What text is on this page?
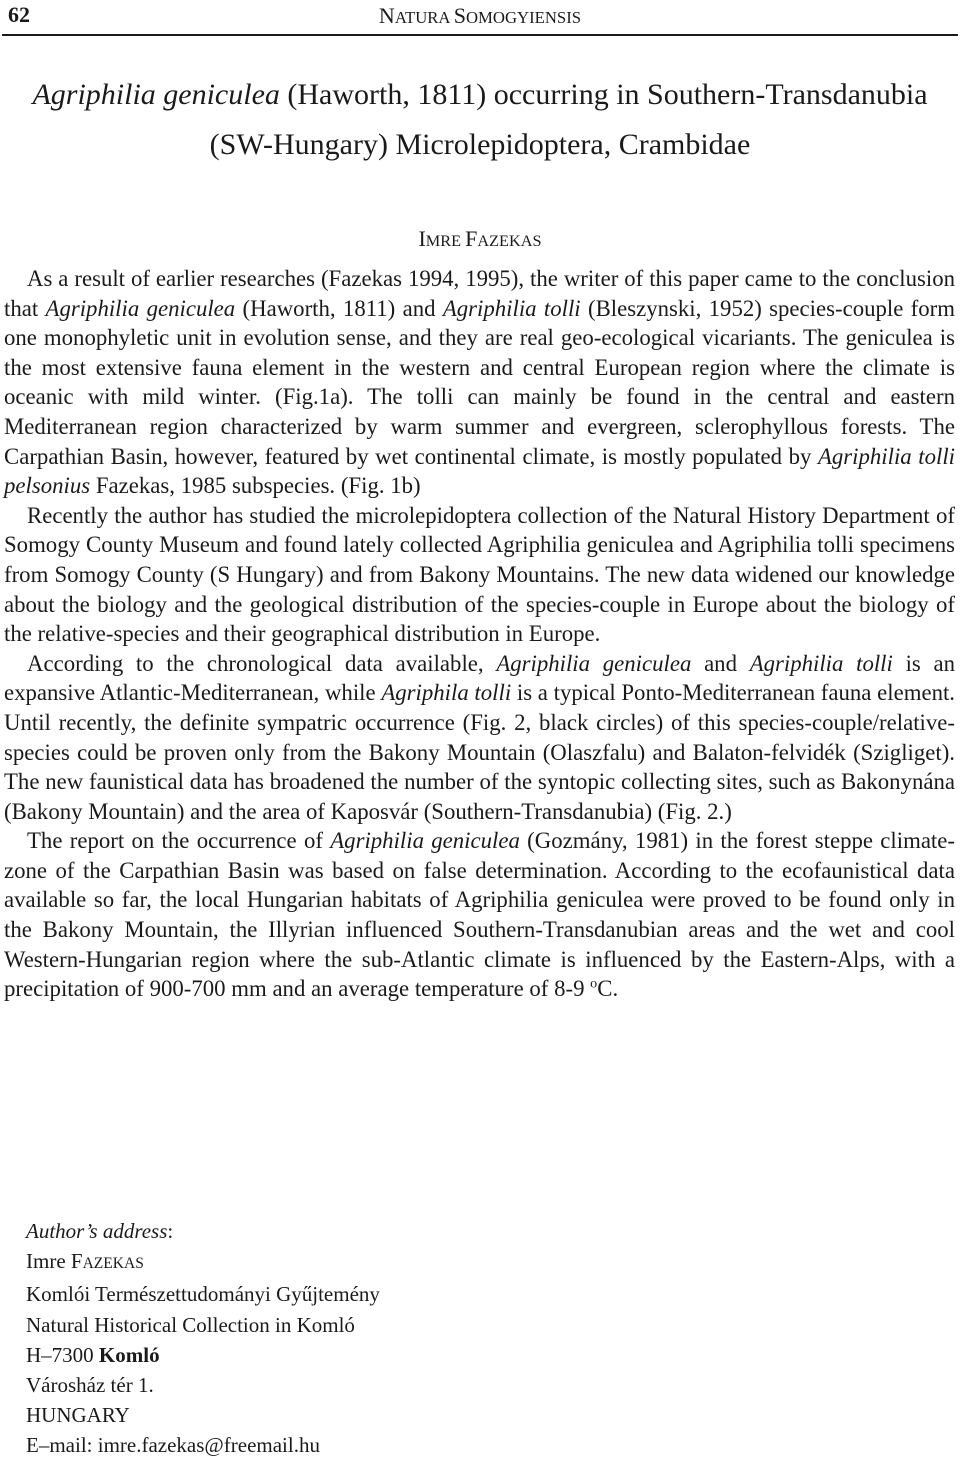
62	NATURA SOMOGYIENSIS
Agriphilia geniculea (Haworth, 1811) occurring in Southern-Transdanubia (SW-Hungary) Microlepidoptera, Crambidae
IMRE FAZEKAS

As a result of earlier researches (Fazekas 1994, 1995), the writer of this paper came to the conclusion that Agriphilia geniculea (Haworth, 1811) and Agriphilia tolli (Bleszynski, 1952) species-couple form one monophyletic unit in evolution sense, and they are real geo-ecological vicariants. The geniculea is the most extensive fauna element in the western and central European region where the climate is oceanic with mild winter. (Fig.1a). The tolli can mainly be found in the central and eastern Mediterranean region characterized by warm summer and evergreen, sclerophyllous forests. The Carpathian Basin, however, featured by wet continental climate, is mostly populated by Agriphilia tolli pelsonius Fazekas, 1985 subspecies. (Fig. 1b)

Recently the author has studied the microlepidoptera collection of the Natural History Department of Somogy County Museum and found lately collected Agriphilia geniculea and Agriphilia tolli specimens from Somogy County (S Hungary) and from Bakony Mountains. The new data widened our knowledge about the biology and the geological distribution of the species-couple in Europe about the biology of the relative-species and their geographical distribution in Europe.

According to the chronological data available, Agriphilia geniculea and Agriphilia tolli is an expansive Atlantic-Mediterranean, while Agriphila tolli is a typical Ponto-Mediterranean fauna element. Until recently, the definite sympatric occurrence (Fig. 2, black circles) of this species-couple/relative-species could be proven only from the Bakony Mountain (Olaszfalu) and Balaton-felvidék (Szigliget). The new faunistical data has broadened the number of the syntopic collecting sites, such as Bakonynána (Bakony Mountain) and the area of Kaposvár (Southern-Transdanubia) (Fig. 2.)

The report on the occurrence of Agriphilia geniculea (Gozmány, 1981) in the forest steppe climate-zone of the Carpathian Basin was based on false determination. According to the ecofaunistical data available so far, the local Hungarian habitats of Agriphilia geniculea were proved to be found only in the Bakony Mountain, the Illyrian influenced Southern-Transdanubian areas and the wet and cool Western-Hungarian region where the sub-Atlantic climate is influenced by the Eastern-Alps, with a precipitation of 900-700 mm and an average temperature of 8-9 $^o$C.

Author’s address:
Imre FAZEKAS
Komlói Természettudományi Gyűjtemény
Natural Historical Collection in Komló
H–7300 Komló
Városház tér 1.
HUNGARY
E–mail: imre.fazekas@freemail.hu
